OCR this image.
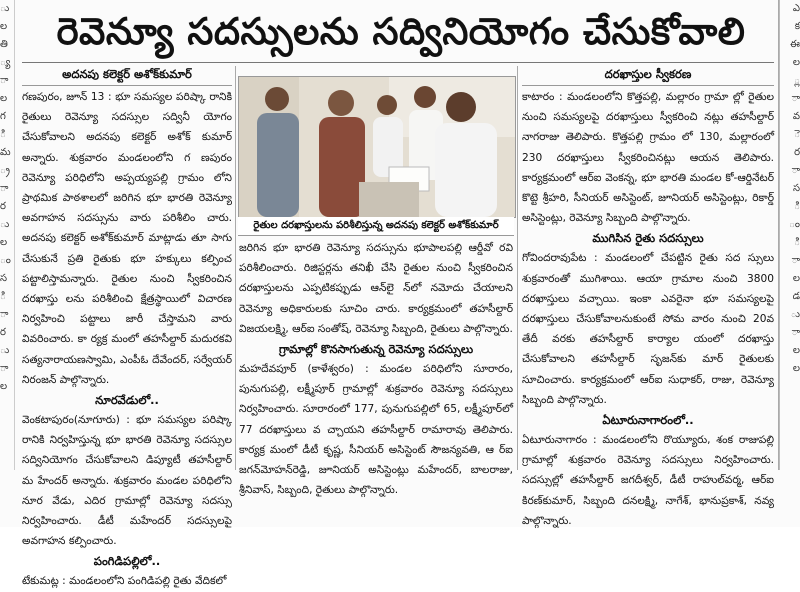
ు
ల
తి
్య
ా
ల
గ
ి
మ
్ర
ా
ర
ు
ల
ం
స
ి
ా
ర
ు
ా
ల
ఎ
క
ఈ
ల
్ల
ా
వ
ె
ర
ా
స
ి
ం
ి
ా
ల
డ
ు
ా
ల
ల
రెవెన్యూ సదస్సులను సద్వినియోగం చేసుకోవాలి
అదనపు కలెక్టర్ అశోక్‌కుమార్

గణపురం, జూన్ 13 : భూ సమస్యల పరిష్కా రానికి రైతులు రెవెన్యూ సదస్సుల సద్వినీ యోగం చేసుకోవాలని అదనపు కలెక్టర్ అశోక్ కుమార్ అన్నారు. శుక్రవారం మండలంలోని గ ణపురం రెవెన్యూ పరిధిలోని అప్పయ్యపల్లి గ్రామం లోని ప్రాథమిక పాఠశాలలో జరిగిన భూ భారతి రెవెన్యూ అవగాహన సదస్సును వారు పరిశీలిం చారు. అదనపు కలెక్టర్ అశోక్‌కుమార్ మాట్లాడు తూ సాగు చేసుకునే ప్రతి రైతుకు భూ హక్కులు కల్పించ పట్టాలిస్తామన్నారు. రైతుల నుంచి స్వీకరించిన దరఖాస్తు లను పరిశీలించి క్షేత్రస్థాయిలో విచారణ నిర్వహించి పట్టాలు జారీ చేస్తామని వారు వివరించారు. కా ర్యక్ర మంలో తహసీల్దార్ మదురకవి సత్యనారాయణస్వామి, ఎంపీఓ దేవేందర్, సర్వేయర్ నిరంజన్ పాల్గొన్నారు.

నూరవేడులో..

వెంకటాపురం(నూగూరు) : భూ సమస్యల పరిష్కా రానికి నిర్వహిస్తున్న భూ భారతి రెవెన్యూ సదస్సుల సద్వినియోగం చేసుకోవాలని డిప్యూటీ తహసీల్దార్ మ హేందర్ అన్నారు. శుక్రవారం మండల పరిధిలోని నూర వేడు, ఎదిర గ్రామాల్లో రెవెన్యూ సదస్సు నిర్వహించారు. డీటీ మహేందర్ సదస్సులపై అవగాహన కల్పించారు.

పంగిడిపల్లిలో..

టేకుమట్ల : మండలంలోని పంగిడిపల్లి రైతు వేదికలో

రైతుల దరఖాస్తులను పరిశీలిస్తున్న అదనపు కలెక్టర్ అశోక్‌కుమార్

జరిగిన భూ భారతి రెవెన్యూ సదస్సును భూపాలపల్లి ఆర్డీవో రవి పరిశీలించారు. రిజిస్టర్లను తనిఖీ చేసి రైతుల నుంచి స్వీకరించిన దరఖాస్తులను ఎప్పటికప్పుడు ఆన్‌లై న్‌లో నమోదు చేయాలని రెవెన్యూ అధికారులకు సూచిం చారు. కార్యక్రమంలో తహసీల్దార్ విజయలక్ష్మి, ఆర్ఐ సంతోష్, రెవెన్యూ సిబ్బంది, రైతులు పాల్గొన్నారు.

గ్రామాల్లో కొనసాగుతున్న రెవెన్యూ సదస్సులు

మహదేవపూర్ (కాళేశ్వరం) : మండల పరిధిలోని సూరారం, పునుగుపల్లి, లక్ష్మీపూర్ గ్రామాల్లో శుక్రవారం రెవెన్యూ సదస్సులు నిర్వహించారు. సూరారంలో 177, పునుగుపల్లిలో 65, లక్ష్మీపూర్‌లో 77 దరఖాస్తులు వ చ్చాయని తహసీల్దార్ రామారావు తెలిపారు. కార్యక్ర మంలో డీటీ కృష్ణ, సీనియర్ అసిస్టెంట్ సౌజన్యవతి, ఆ ర్ఐ జగన్‌మోహన్‌రెడ్డి, జూనియర్ అసిస్టెంట్లు మహేందర్, బాలరాజు, శ్రీనివాస్, సిబ్బంది, రైతులు పాల్గొన్నారు.

దరఖాస్తుల స్వీకరణ

కాటారం : మండలంలోని కొత్తపల్లి, మల్లారం గ్రామా ల్లో రైతుల నుంచి సమస్యలపై దరఖాస్తులు స్వీకరించి నట్లు తహసీల్దార్ నాగరాజు తెలిపారు. కొత్తపల్లి గ్రామం లో 130, మల్లారంలో 230 దరఖాస్తులు స్వీకరించినట్లు ఆయన తెలిపారు. కార్యక్రమంలో ఆర్ఐ వెంకన్న, భూ భారతి మండల కో-ఆర్డినేటర్ కొట్టె శ్రీహరి, సీనియర్ అసిస్టెంట్, జూనియర్ అసిస్టెంట్లు, రికార్డ్ అసిస్టెంట్లు, రెవెన్యూ సిబ్బంది పాల్గొన్నారు.

ముగిసిన రైతు సదస్సులు

గోవిందరావుపేట : మండలంలో చేపట్టిన రైతు సద స్సులు శుక్రవారంతో ముగిశాయి. ఆయా గ్రామాల నుంచి 3800 దరఖాస్తులు వచ్చాయి. ఇంకా ఎవరైనా భూ సమస్యలపై దరఖాస్తులు చేసుకోవాలనుకుంటే సోమ వారం నుంచి 20వ తేదీ వరకు తహసీల్దార్ కార్యాల యంలో దరఖాస్తు చేసుకోవాలని తహసీల్దార్ సృజన్‌కు మార్ రైతులకు సూచించారు. కార్యక్రమంలో ఆర్ఐ సుధాకర్, రాజు, రెవెన్యూ సిబ్బంది పాల్గొన్నారు.

ఏటూరునాగారంలో..

ఏటూరునాగారం : మండలంలోని రొయ్యూరు, శంక రాజుపల్లి గ్రామాల్లో శుక్రవారం రెవెన్యూ సదస్సులు నిర్వహించారు. సదస్సుల్లో తహసీల్దార్ జగదీశ్వర్, డీటీ రాహుల్‌వర్మ, ఆర్ఐ కిరణ్‌కుమార్, సిబ్బంది దనలక్ష్మి, నాగేశ్, భానుప్రకాశ్, నవ్య పాల్గొన్నారు.
